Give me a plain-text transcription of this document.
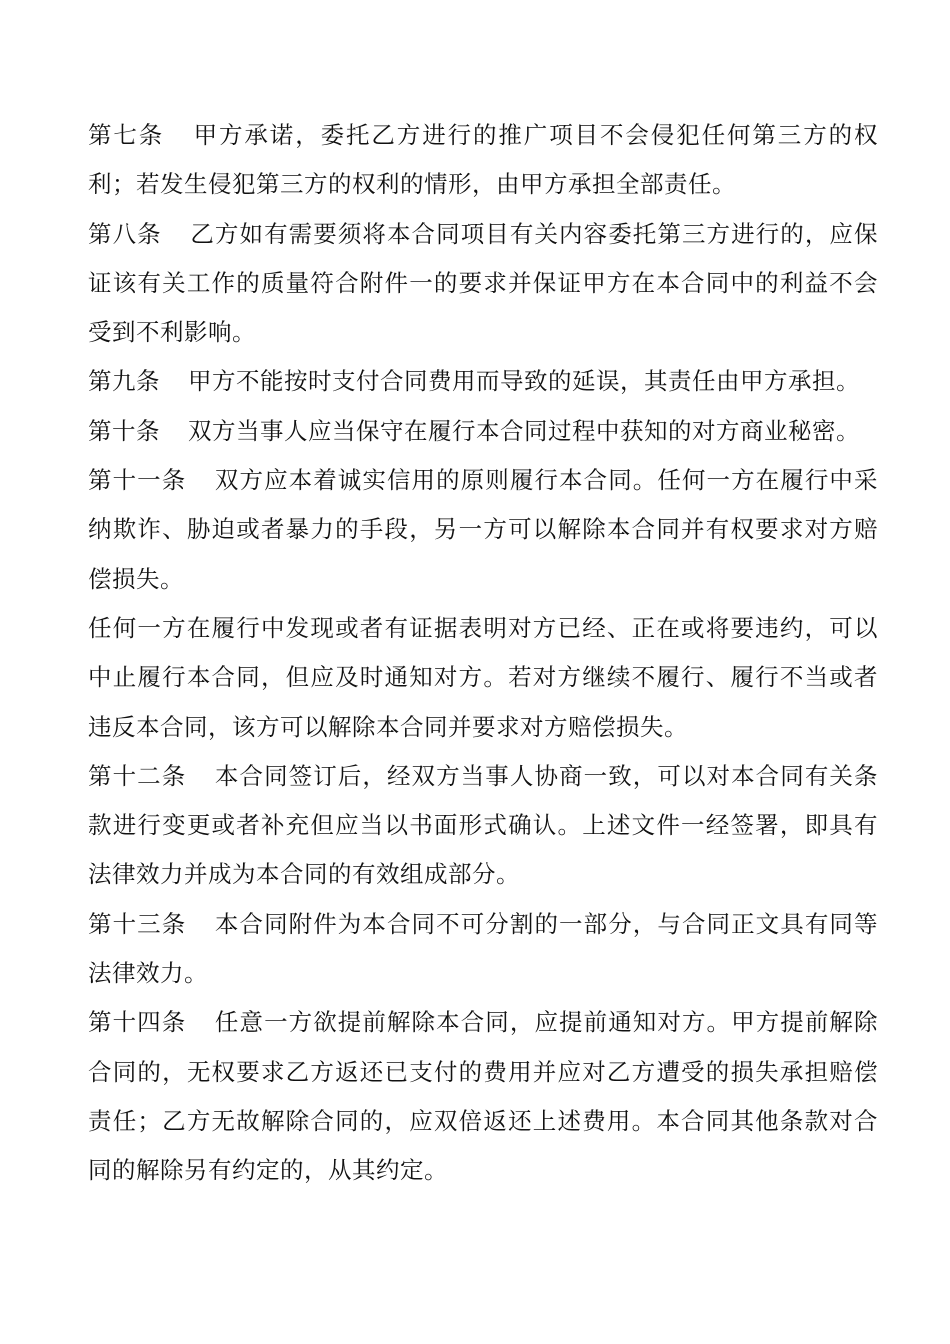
第七条 甲方承诺，委托乙方进行的推广项目不会侵犯任何第三方的权利；若发生侵犯第三方的权利的情形，由甲方承担全部责任。

第八条 乙方如有需要须将本合同项目有关内容委托第三方进行的，应保证该有关工作的质量符合附件一的要求并保证甲方在本合同中的利益不会受到不利影响。

第九条 甲方不能按时支付合同费用而导致的延误，其责任由甲方承担。

第十条 双方当事人应当保守在履行本合同过程中获知的对方商业秘密。

第十一条 双方应本着诚实信用的原则履行本合同。任何一方在履行中采纳欺诈、胁迫或者暴力的手段，另一方可以解除本合同并有权要求对方赔偿损失。

任何一方在履行中发现或者有证据表明对方已经、正在或将要违约，可以中止履行本合同，但应及时通知对方。若对方继续不履行、履行不当或者违反本合同，该方可以解除本合同并要求对方赔偿损失。

第十二条 本合同签订后，经双方当事人协商一致，可以对本合同有关条款进行变更或者补充但应当以书面形式确认。上述文件一经签署，即具有法律效力并成为本合同的有效组成部分。

第十三条 本合同附件为本合同不可分割的一部分，与合同正文具有同等法律效力。

第十四条 任意一方欲提前解除本合同，应提前通知对方。甲方提前解除合同的，无权要求乙方返还已支付的费用并应对乙方遭受的损失承担赔偿责任；乙方无故解除合同的，应双倍返还上述费用。本合同其他条款对合同的解除另有约定的，从其约定。
